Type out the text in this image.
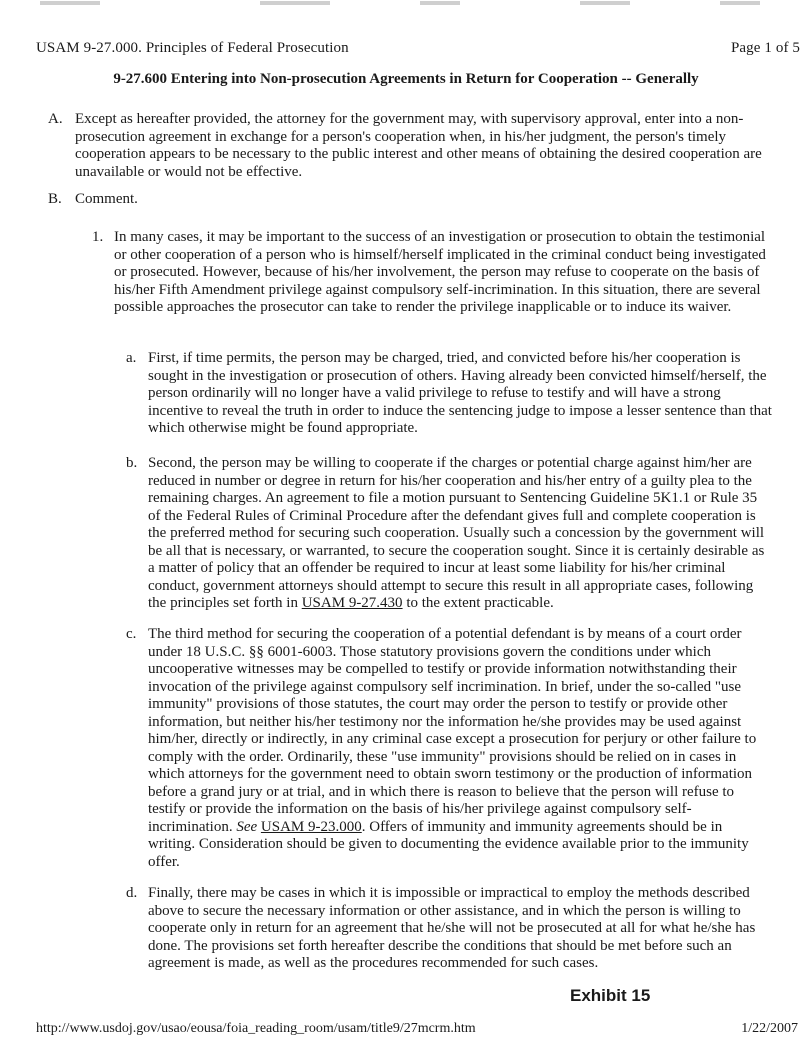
USAM 9-27.000. Principles of Federal Prosecution	Page 1 of 5
9-27.600 Entering into Non-prosecution Agreements in Return for Cooperation -- Generally
A. Except as hereafter provided, the attorney for the government may, with supervisory approval, enter into a non-prosecution agreement in exchange for a person's cooperation when, in his/her judgment, the person's timely cooperation appears to be necessary to the public interest and other means of obtaining the desired cooperation are unavailable or would not be effective.
B. Comment.
1. In many cases, it may be important to the success of an investigation or prosecution to obtain the testimonial or other cooperation of a person who is himself/herself implicated in the criminal conduct being investigated or prosecuted. However, because of his/her involvement, the person may refuse to cooperate on the basis of his/her Fifth Amendment privilege against compulsory self-incrimination. In this situation, there are several possible approaches the prosecutor can take to render the privilege inapplicable or to induce its waiver.
a. First, if time permits, the person may be charged, tried, and convicted before his/her cooperation is sought in the investigation or prosecution of others. Having already been convicted himself/herself, the person ordinarily will no longer have a valid privilege to refuse to testify and will have a strong incentive to reveal the truth in order to induce the sentencing judge to impose a lesser sentence than that which otherwise might be found appropriate.
b. Second, the person may be willing to cooperate if the charges or potential charge against him/her are reduced in number or degree in return for his/her cooperation and his/her entry of a guilty plea to the remaining charges. An agreement to file a motion pursuant to Sentencing Guideline 5K1.1 or Rule 35 of the Federal Rules of Criminal Procedure after the defendant gives full and complete cooperation is the preferred method for securing such cooperation. Usually such a concession by the government will be all that is necessary, or warranted, to secure the cooperation sought. Since it is certainly desirable as a matter of policy that an offender be required to incur at least some liability for his/her criminal conduct, government attorneys should attempt to secure this result in all appropriate cases, following the principles set forth in USAM 9-27.430 to the extent practicable.
c. The third method for securing the cooperation of a potential defendant is by means of a court order under 18 U.S.C. §§ 6001-6003. Those statutory provisions govern the conditions under which uncooperative witnesses may be compelled to testify or provide information notwithstanding their invocation of the privilege against compulsory self incrimination. In brief, under the so-called "use immunity" provisions of those statutes, the court may order the person to testify or provide other information, but neither his/her testimony nor the information he/she provides may be used against him/her, directly or indirectly, in any criminal case except a prosecution for perjury or other failure to comply with the order. Ordinarily, these "use immunity" provisions should be relied on in cases in which attorneys for the government need to obtain sworn testimony or the production of information before a grand jury or at trial, and in which there is reason to believe that the person will refuse to testify or provide the information on the basis of his/her privilege against compulsory self-incrimination. See USAM 9-23.000. Offers of immunity and immunity agreements should be in writing. Consideration should be given to documenting the evidence available prior to the immunity offer.
d. Finally, there may be cases in which it is impossible or impractical to employ the methods described above to secure the necessary information or other assistance, and in which the person is willing to cooperate only in return for an agreement that he/she will not be prosecuted at all for what he/she has done. The provisions set forth hereafter describe the conditions that should be met before such an agreement is made, as well as the procedures recommended for such cases.
Exhibit 15
http://www.usdoj.gov/usao/eousa/foia_reading_room/usam/title9/27mcrm.htm	1/22/2007
